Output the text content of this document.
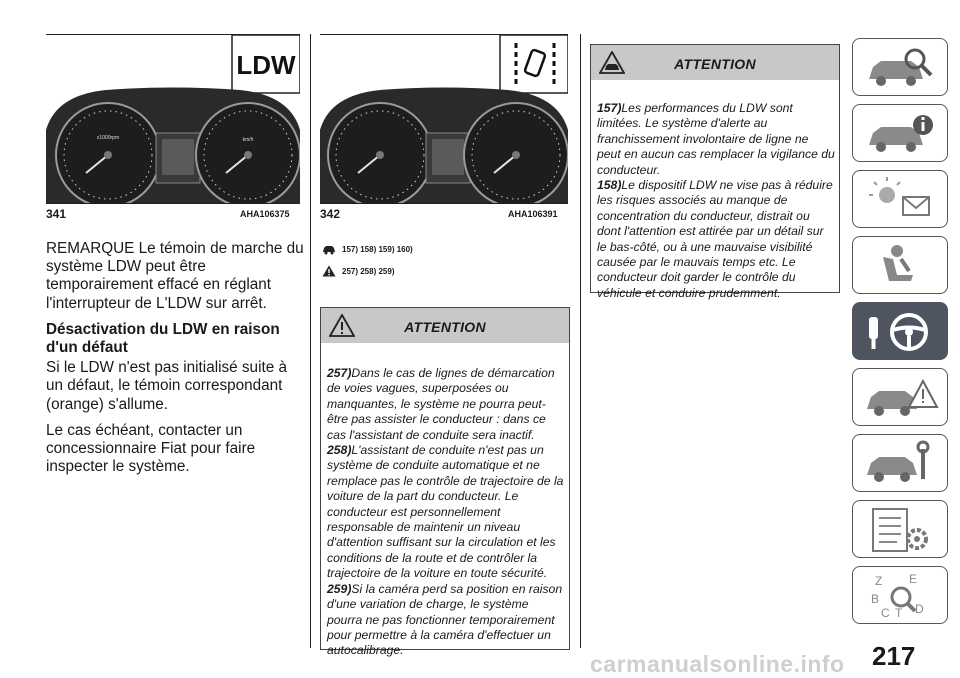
LDW
x1000rpm	km/h
341	AHA106375	342	AHA106391

REMARQUE Le témoin de marche du système LDW peut être temporairement effacé en réglant l'interrupteur de L'LDW sur arrêt.

Désactivation du LDW en raison d'un défaut

Si le LDW n'est pas initialisé suite à un défaut, le témoin correspondant (orange) s'allume.

Le cas échéant, contacter un concessionnaire Fiat pour faire inspecter le système.

157) 158) 159) 160)
257) 258) 259)
ATTENTION

257)Dans le cas de lignes de démarcation de voies vagues, superposées ou manquantes, le système ne pourra peut-être pas assister le conducteur : dans ce cas l'assistant de conduite sera inactif.

258)L'assistant de conduite n'est pas un système de conduite automatique et ne remplace pas le contrôle de trajectoire de la voiture de la part du conducteur. Le conducteur est personnellement responsable de maintenir un niveau d'attention suffisant sur la circulation et les conditions de la route et de contrôler la trajectoire de la voiture en toute sécurité.

259)Si la caméra perd sa position en raison d'une variation de charge, le système pourra ne pas fonctionner temporairement pour permettre à la caméra d'effectuer un autocalibrage.

ATTENTION

157)Les performances du LDW sont limitées. Le système d'alerte au franchissement involontaire de ligne ne peut en aucun cas remplacer la vigilance du conducteur.

158)Le dispositif LDW ne vise pas à réduire les risques associés au manque de concentration du conducteur, distrait ou dont l'attention est attirée par un détail sur le bas-côté, ou à une mauvaise visibilité causée par le mauvais temps etc. Le conducteur doit garder le contrôle du véhicule et conduire prudemment.

Z E
B
C T D
217
carmanualsonline.info
